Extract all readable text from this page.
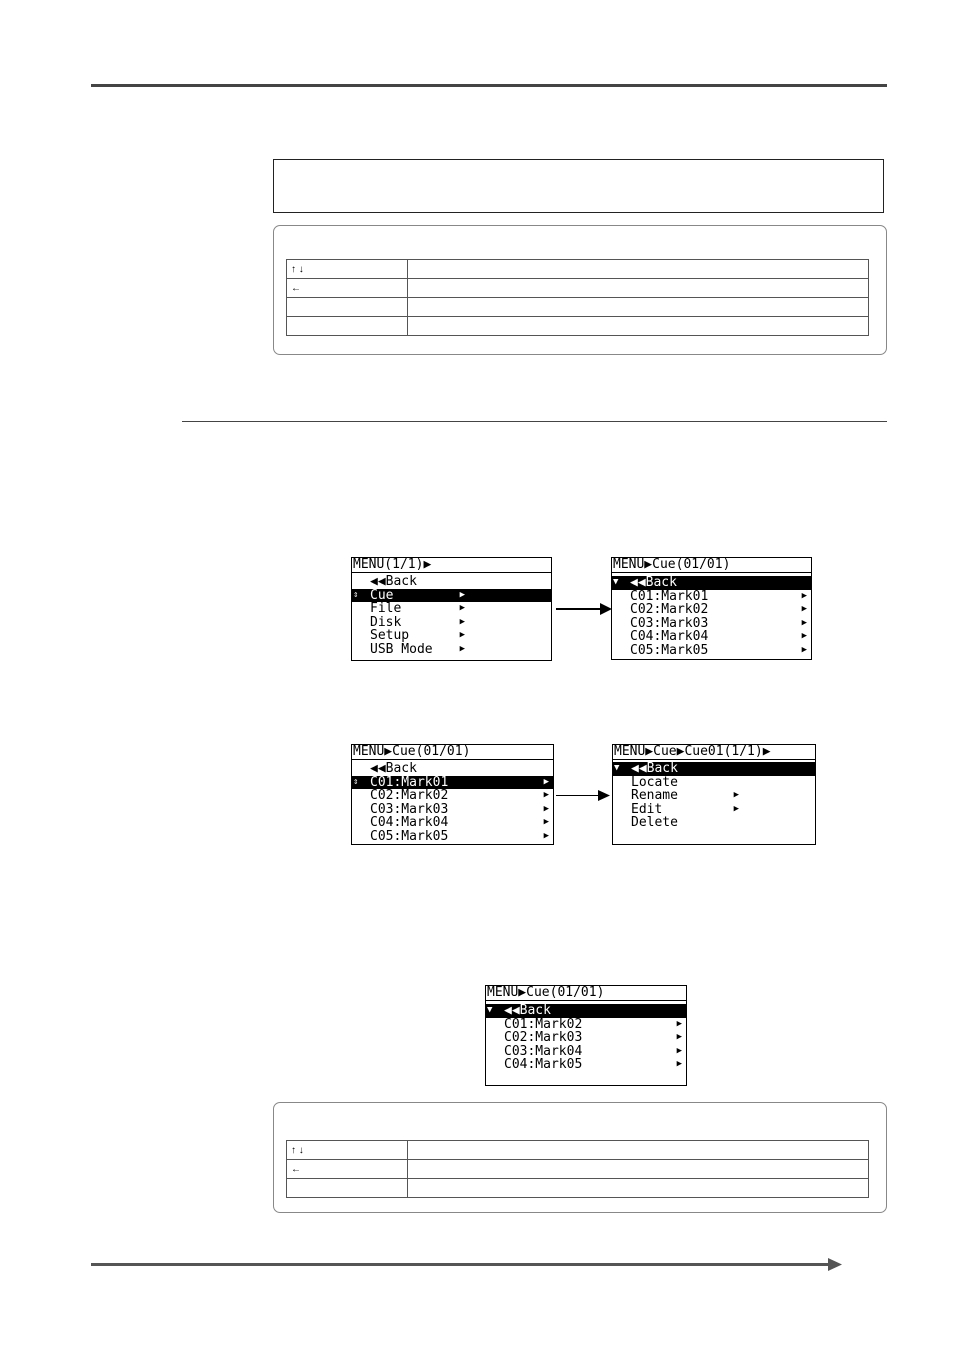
↑ ↓	
←	

MENU(1/1)▶
◀◀Back
⇕ Cue	▶
File	▶
Disk	▶
Setup	▶
USB Mode	▶
MENU▶Cue(01/01)
▼ ◀◀Back
C01:Mark01	▶
C02:Mark02	▶
C03:Mark03	▶
C04:Mark04	▶
C05:Mark05	▶
MENU▶Cue(01/01)
◀◀Back
⇕ C01:Mark01	▶
C02:Mark02	▶
C03:Mark03	▶
C04:Mark04	▶
C05:Mark05	▶
MENU▶Cue▶Cue01(1/1)▶
▼ ◀◀Back
Locate
Rename	▶
Edit	▶
Delete
MENU▶Cue(01/01)
▼ ◀◀Back
C01:Mark02	▶
C02:Mark03	▶
C03:Mark04	▶
C04:Mark05	▶
↑ ↓	
←	
